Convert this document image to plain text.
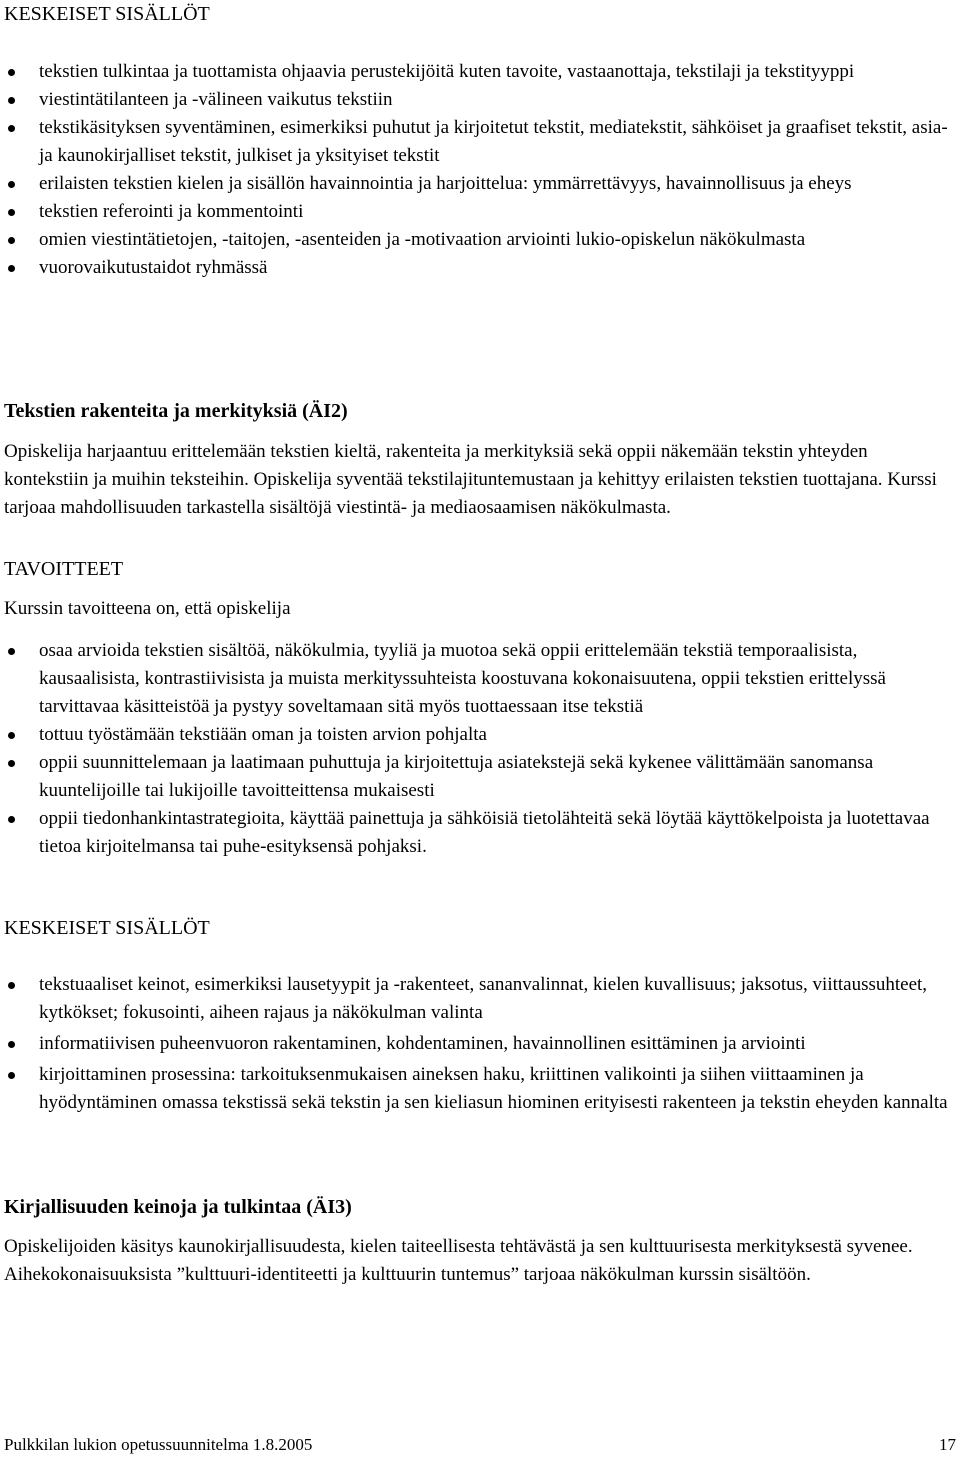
KESKEISET SISÄLLÖT
tekstien tulkintaa ja tuottamista ohjaavia perustekijöitä kuten tavoite, vastaanottaja, tekstilaji ja tekstityyppi
viestintätilanteen ja -välineen vaikutus tekstiin
tekstikäsityksen syventäminen, esimerkiksi puhutut ja kirjoitetut tekstit, mediatekstit, sähköiset ja graafiset tekstit, asia- ja kaunokirjalliset tekstit, julkiset ja yksityiset tekstit
erilaisten tekstien kielen ja sisällön havainnointia ja harjoittelua: ymmärrettävyys, havainnollisuus ja eheys
tekstien referointi ja kommentointi
omien viestintätietojen, -taitojen, -asenteiden ja -motivaation arviointi lukio-opiskelun näkökulmasta
vuorovaikutustaidot ryhmässä
Tekstien rakenteita ja merkityksiä (ÄI2)

Opiskelija harjaantuu erittelemään tekstien kieltä, rakenteita ja merkityksiä sekä oppii näkemään tekstin yhteyden kontekstiin ja muihin teksteihin. Opiskelija syventää tekstilajituntemustaan ja kehittyy erilaisten tekstien tuottajana. Kurssi tarjoaa mahdollisuuden tarkastella sisältöjä viestintä- ja mediaosaamisen näkökulmasta.

TAVOITTEET

Kurssin tavoitteena on, että opiskelija

osaa arvioida tekstien sisältöä, näkökulmia, tyyliä ja muotoa sekä oppii erittelemään tekstiä temporaalisista, kausaalisista, kontrastiivisista ja muista merkityssuhteista koostuvana kokonaisuutena, oppii tekstien erittelyssä tarvittavaa käsitteistöä ja pystyy soveltamaan sitä myös tuottaessaan itse tekstiä
tottuu työstämään tekstiään oman ja toisten arvion pohjalta
oppii suunnittelemaan ja laatimaan puhuttuja ja kirjoitettuja asiatekstejä sekä kykenee välittämään sanomansa kuuntelijoille tai lukijoille tavoitteittensa mukaisesti
oppii tiedonhankintastrategioita, käyttää painettuja ja sähköisiä tietolähteitä sekä löytää käyttökelpoista ja luotettavaa tietoa kirjoitelmansa tai puhe-esityksensä pohjaksi.
KESKEISET SISÄLLÖT
tekstuaaliset keinot, esimerkiksi lausetyypit ja -rakenteet, sananvalinnat, kielen kuvallisuus; jaksotus, viittaussuhteet, kytkökset; fokusointi, aiheen rajaus ja näkökulman valinta
informatiivisen puheenvuoron rakentaminen, kohdentaminen, havainnollinen esittäminen ja arviointi
kirjoittaminen prosessina: tarkoituksenmukaisen aineksen haku, kriittinen valikointi ja siihen viittaaminen ja hyödyntäminen omassa tekstissä sekä tekstin ja sen kieliasun hiominen erityisesti rakenteen ja tekstin eheyden kannalta
Kirjallisuuden keinoja ja tulkintaa (ÄI3)

Opiskelijoiden käsitys kaunokirjallisuudesta, kielen taiteellisesta tehtävästä ja sen kulttuurisesta merkityksestä syvenee. Aihekokonaisuuksista ”kulttuuri-identiteetti ja kulttuurin tuntemus” tarjoaa näkökulman kurssin sisältöön.

Pulkkilan lukion opetussuunnitelma 1.8.2005	17
